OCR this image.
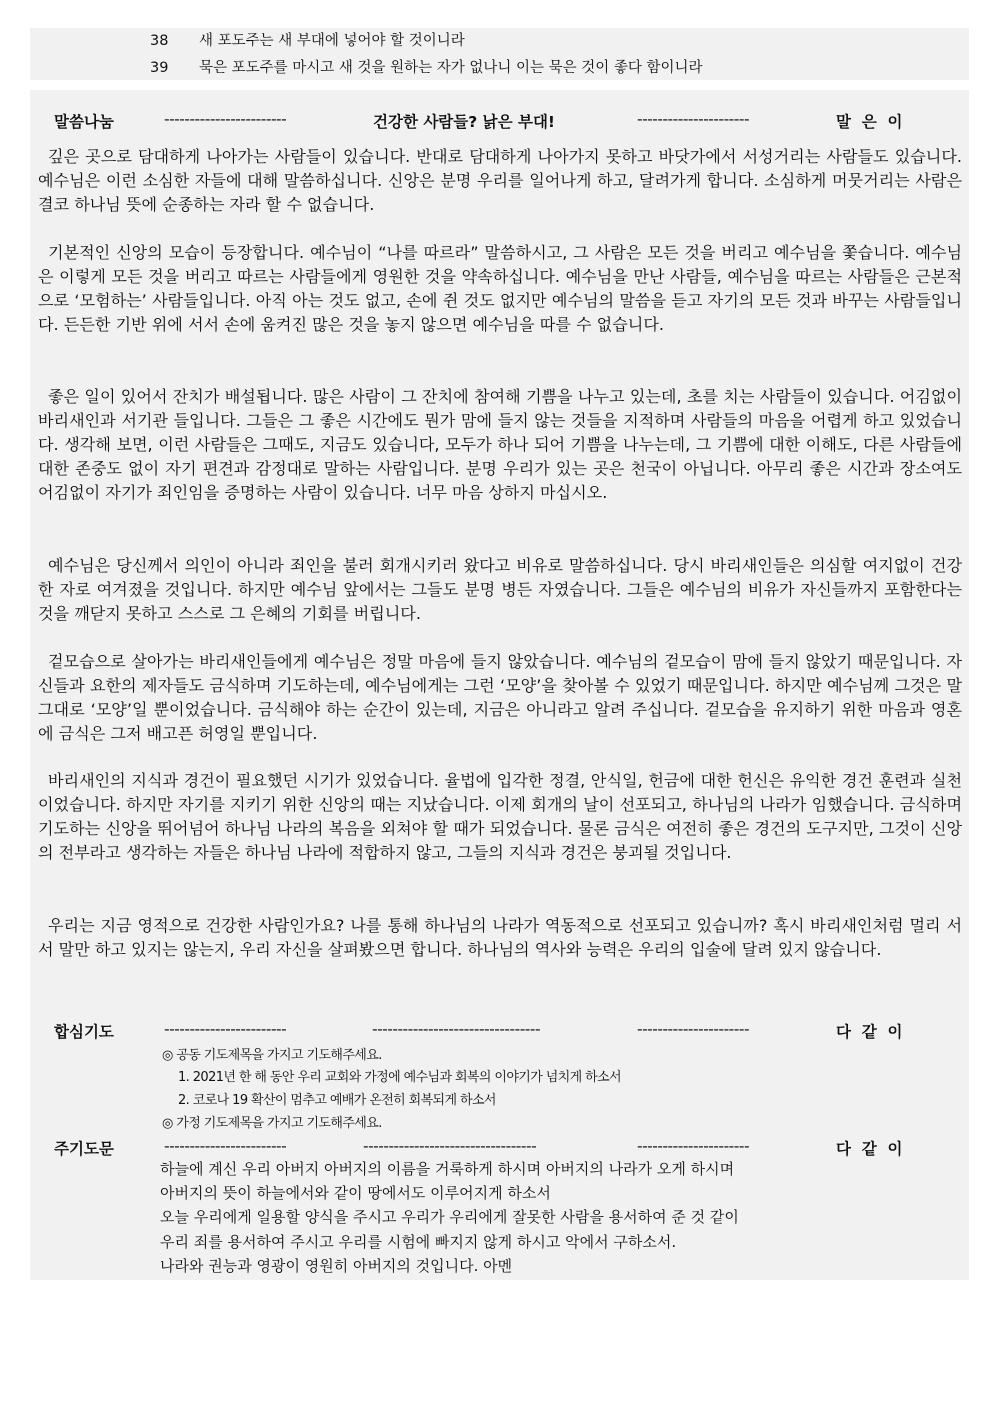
38 새 포도주는 새 부대에 넣어야 할 것이니라
39 묵은 포도주를 마시고 새 것을 원하는 자가 없나니 이는 묵은 것이 좋다 함이니라
말씀나눔	------------------------	건강한 사람들? 낡은 부대!	----------------------	말  은  이

깊은 곳으로 담대하게 나아가는 사람들이 있습니다. 반대로 담대하게 나아가지 못하고 바닷가에서 서성거리는 사람들도 있습니다. 예수님은 이런 소심한 자들에 대해 말씀하십니다. 신앙은 분명 우리를 일어나게 하고, 달려가게 합니다. 소심하게 머뭇거리는 사람은 결코 하나님 뜻에 순종하는 자라 할 수 없습니다.

기본적인 신앙의 모습이 등장합니다. 예수님이 “나를 따르라” 말씀하시고, 그 사람은 모든 것을 버리고 예수님을 쫓습니다. 예수님은 이렇게 모든 것을 버리고 따르는 사람들에게 영원한 것을 약속하십니다. 예수님을 만난 사람들, 예수님을 따르는 사람들은 근본적으로 ‘모험하는’ 사람들입니다. 아직 아는 것도 없고, 손에 쥔 것도 없지만 예수님의 말씀을 듣고 자기의 모든 것과 바꾸는 사람들입니다. 든든한 기반 위에 서서 손에 움켜진 많은 것을 놓지 않으면 예수님을 따를 수 없습니다.

좋은 일이 있어서 잔치가 배설됩니다. 많은 사람이 그 잔치에 참여해 기쁨을 나누고 있는데, 초를 치는 사람들이 있습니다. 어김없이 바리새인과 서기관 들입니다. 그들은 그 좋은 시간에도 뭔가 맘에 들지 않는 것들을 지적하며 사람들의 마음을 어렵게 하고 있었습니다. 생각해 보면, 이런 사람들은 그때도, 지금도 있습니다, 모두가 하나 되어 기쁨을 나누는데, 그 기쁨에 대한 이해도, 다른 사람들에 대한 존중도 없이 자기 편견과 감정대로 말하는 사람입니다. 분명 우리가 있는 곳은 천국이 아닙니다. 아무리 좋은 시간과 장소여도 어김없이 자기가 죄인임을 증명하는 사람이 있습니다. 너무 마음 상하지 마십시오.

예수님은 당신께서 의인이 아니라 죄인을 불러 회개시키러 왔다고 비유로 말씀하십니다. 당시 바리새인들은 의심할 여지없이 건강한 자로 여겨졌을 것입니다. 하지만 예수님 앞에서는 그들도 분명 병든 자였습니다. 그들은 예수님의 비유가 자신들까지 포함한다는 것을 깨닫지 못하고 스스로 그 은혜의 기회를 버립니다.

겉모습으로 살아가는 바리새인들에게 예수님은 정말 마음에 들지 않았습니다. 예수님의 겉모습이 맘에 들지 않았기 때문입니다. 자신들과 요한의 제자들도 금식하며 기도하는데, 예수님에게는 그런 ‘모양’을 찾아볼 수 있었기 때문입니다. 하지만 예수님께 그것은 말 그대로 ‘모양’일 뿐이었습니다. 금식해야 하는 순간이 있는데, 지금은 아니라고 알려 주십니다. 겉모습을 유지하기 위한 마음과 영혼에 금식은 그저 배고픈 허영일 뿐입니다.

바리새인의 지식과 경건이 필요했던 시기가 있었습니다. 율법에 입각한 정결, 안식일, 헌금에 대한 헌신은 유익한 경건 훈련과 실천이었습니다. 하지만 자기를 지키기 위한 신앙의 때는 지났습니다. 이제 회개의 날이 선포되고, 하나님의 나라가 임했습니다. 금식하며 기도하는 신앙을 뛰어넘어 하나님 나라의 복음을 외쳐야 할 때가 되었습니다. 물론 금식은 여전히 좋은 경건의 도구지만, 그것이 신앙의 전부라고 생각하는 자들은 하나님 나라에 적합하지 않고, 그들의 지식과 경건은 붕괴될 것입니다.

우리는 지금 영적으로 건강한 사람인가요? 나를 통해 하나님의 나라가 역동적으로 선포되고 있습니까? 혹시 바리새인처럼 멀리 서서 말만 하고 있지는 않는지, 우리 자신을 살펴봤으면 합니다. 하나님의 역사와 능력은 우리의 입술에 달려 있지 않습니다.

합심기도	------------------------	---------------------------------	----------------------	다  같  이
◎ 공동 기도제목을 가지고 기도해주세요.
1. 2021년 한 해 동안 우리 교회와 가정에 예수님과 회복의 이야기가 넘치게 하소서
2. 코로나 19 확산이 멈추고 예배가 온전히 회복되게 하소서
◎ 가정 기도제목을 가지고 기도해주세요.
주기도문	------------------------	----------------------------------	----------------------	다  같  이
하늘에 계신 우리 아버지 아버지의 이름을 거룩하게 하시며 아버지의 나라가 오게 하시며
아버지의 뜻이 하늘에서와 같이 땅에서도 이루어지게 하소서
오늘 우리에게 일용할 양식을 주시고 우리가 우리에게 잘못한 사람을 용서하여 준 것 같이
우리 죄를 용서하여 주시고 우리를 시험에 빠지지 않게 하시고 악에서 구하소서.
나라와 권능과 영광이 영원히 아버지의 것입니다. 아멘
